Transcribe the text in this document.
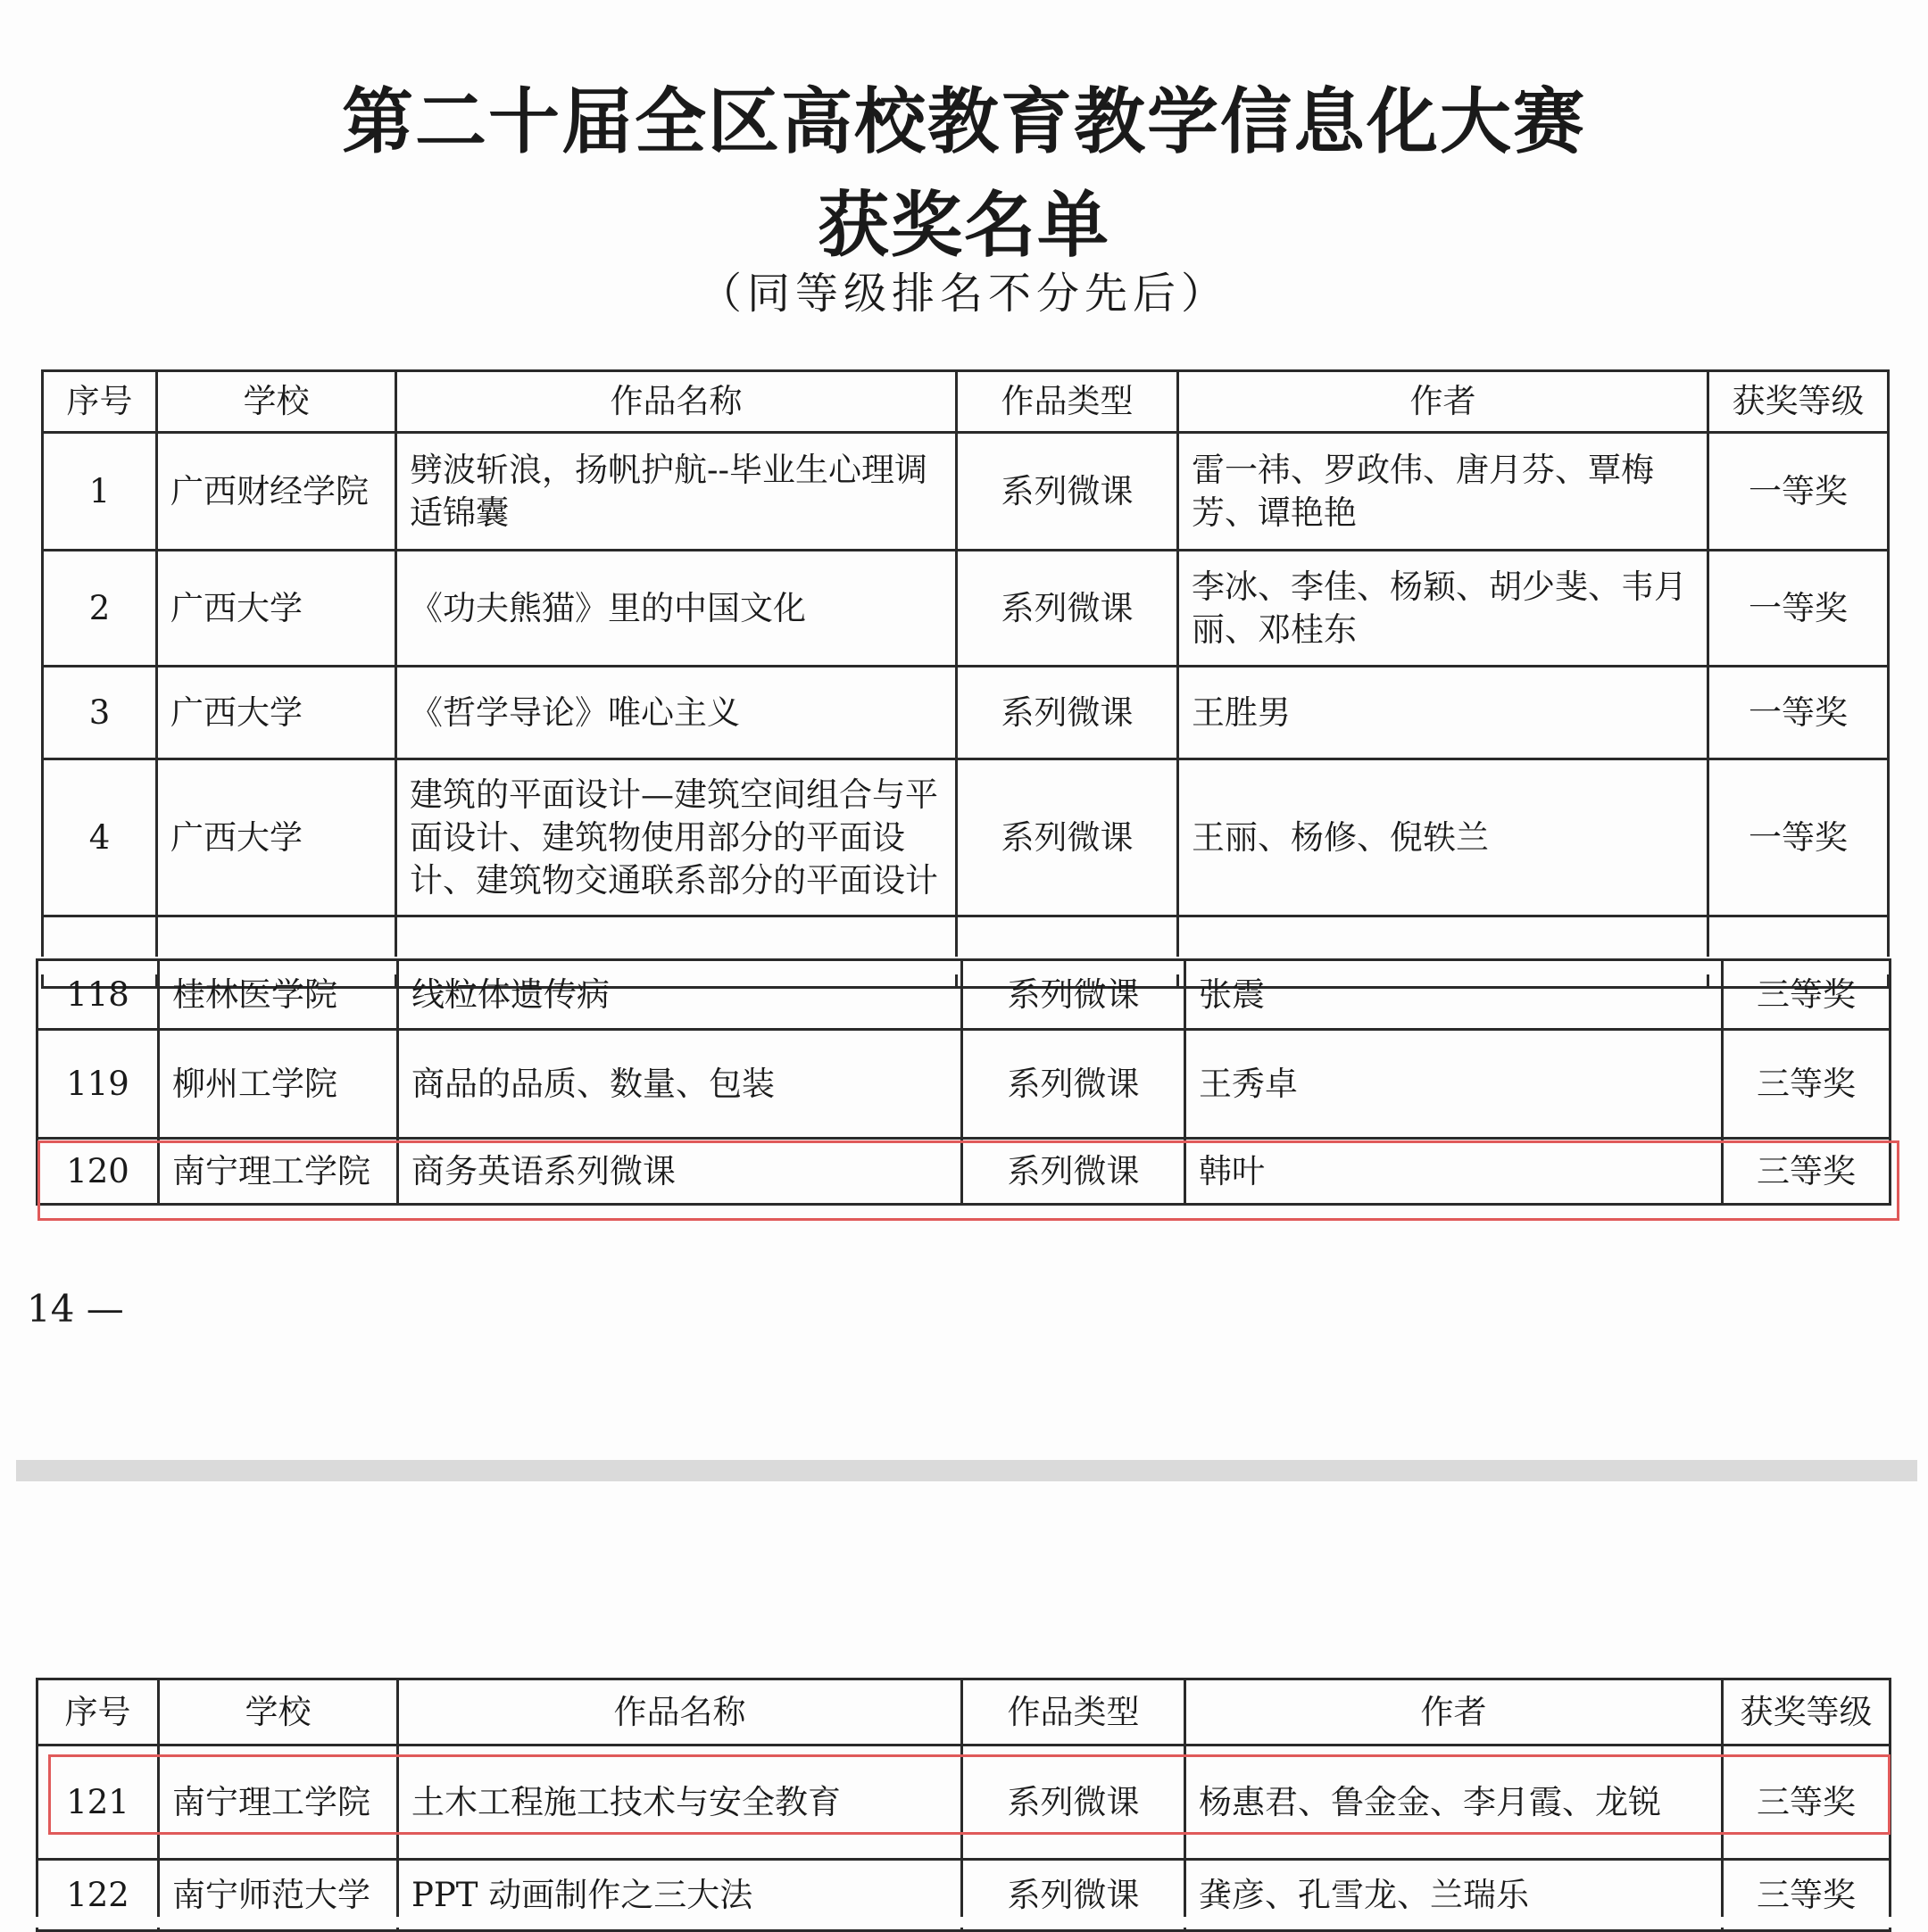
第二十届全区高校教育教学信息化大赛
获奖名单
（同等级排名不分先后）
序号	学校	作品名称	作品类型	作者	获奖等级
1	广西财经学院	劈波斩浪，扬帆护航--毕业生心理调适锦囊	系列微课	雷一祎、罗政伟、唐月芬、覃梅芳、谭艳艳	一等奖
2	广西大学	《功夫熊猫》里的中国文化	系列微课	李冰、李佳、杨颖、胡少斐、韦月丽、邓桂东	一等奖
3	广西大学	《哲学导论》唯心主义	系列微课	王胜男	一等奖
4	广西大学	建筑的平面设计—建筑空间组合与平面设计、建筑物使用部分的平面设计、建筑物交通联系部分的平面设计	系列微课	王丽、杨修、倪轶兰	一等奖

118	桂林医学院	线粒体遗传病	系列微课	张震	三等奖
119	柳州工学院	商品的品质、数量、包装	系列微课	王秀卓	三等奖
120	南宁理工学院	商务英语系列微课	系列微课	韩叶	三等奖
14 —
序号	学校	作品名称	作品类型	作者	获奖等级
121	南宁理工学院	土木工程施工技术与安全教育	系列微课	杨惠君、鲁金金、李月霞、龙锐	三等奖
122	南宁师范大学	PPT 动画制作之三大法	系列微课	龚彦、孔雪龙、兰瑞乐	三等奖
